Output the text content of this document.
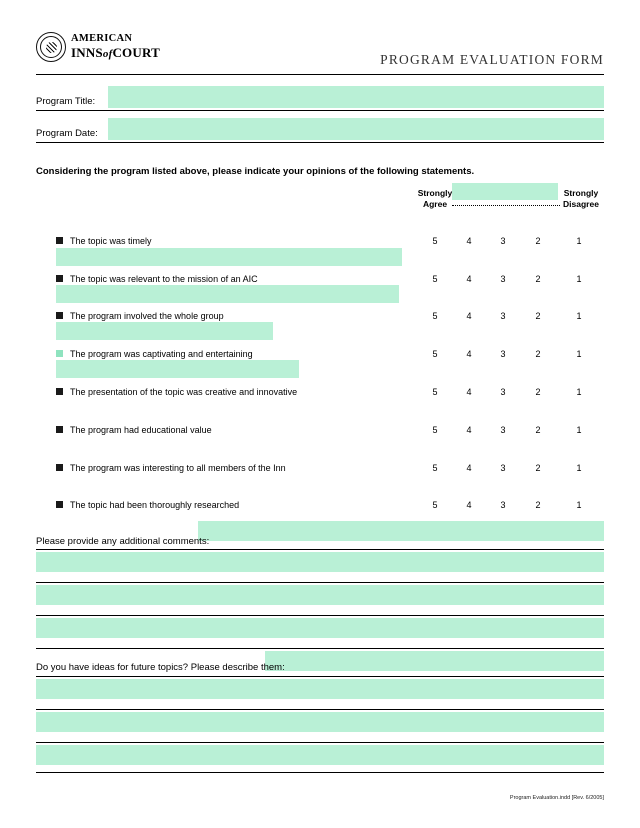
AMERICAN
INNSofCOURT	PROGRAM EVALUATION FORM
Program Title:
Program Date:
Considering the program listed above, please indicate your opinions of the following statements.
Strongly
Agree
Strongly
Disagree
The topic was timely	5	4	3	2	1
The topic was relevant to the mission of an AIC	5	4	3	2	1
The program involved the whole group	5	4	3	2	1
The program was captivating and entertaining	5	4	3	2	1
The presentation of the topic was creative and innovative	5	4	3	2	1
The program had educational value	5	4	3	2	1
The program was interesting to all members of the Inn	5	4	3	2	1
The topic had been thoroughly researched	5	4	3	2	1
Please provide any additional comments:
Do you have ideas for future topics? Please describe them:
Program Evaluation.indd [Rev. 6/2005]
